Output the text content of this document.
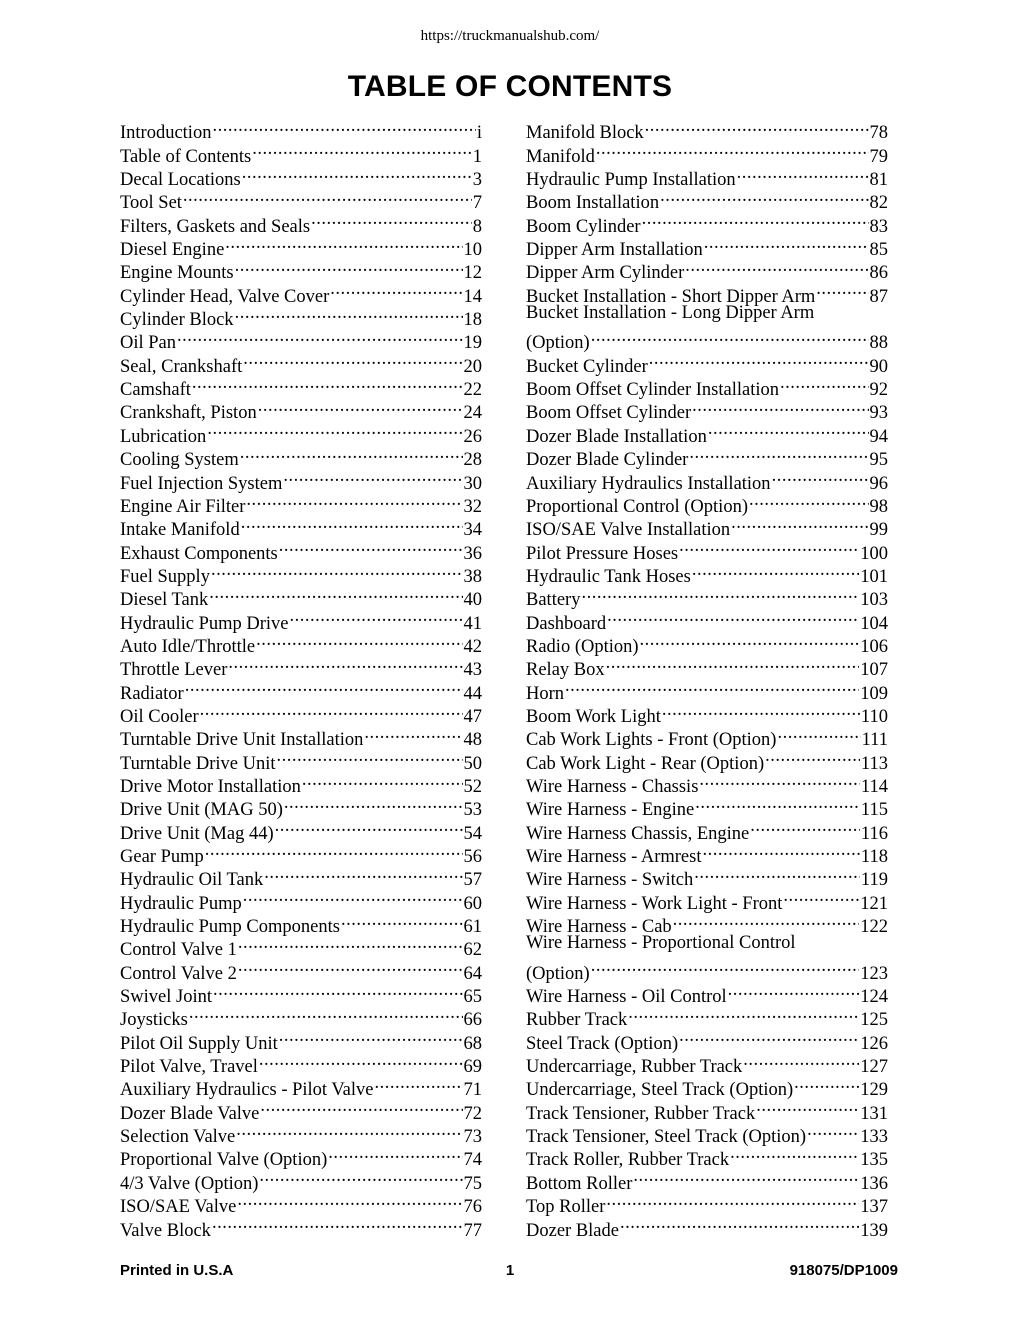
https://truckmanualshub.com/
TABLE OF CONTENTS
Introduction .....	i
Table of Contents .....	1
Decal Locations .....	3
Tool Set .....	7
Filters, Gaskets and Seals .....	8
Diesel Engine .....	10
Engine Mounts .....	12
Cylinder Head, Valve Cover .....	14
Cylinder Block .....	18
Oil Pan .....	19
Seal, Crankshaft .....	20
Camshaft .....	22
Crankshaft, Piston .....	24
Lubrication .....	26
Cooling System .....	28
Fuel Injection System .....	30
Engine Air Filter .....	32
Intake Manifold .....	34
Exhaust Components .....	36
Fuel Supply .....	38
Diesel Tank .....	40
Hydraulic Pump Drive .....	41
Auto Idle/Throttle .....	42
Throttle Lever .....	43
Radiator .....	44
Oil Cooler .....	47
Turntable Drive Unit Installation .....	48
Turntable Drive Unit .....	50
Drive Motor Installation .....	52
Drive Unit (MAG 50) .....	53
Drive Unit (Mag 44) .....	54
Gear Pump .....	56
Hydraulic Oil Tank .....	57
Hydraulic Pump .....	60
Hydraulic Pump Components .....	61
Control Valve 1 .....	62
Control Valve 2 .....	64
Swivel Joint .....	65
Joysticks .....	66
Pilot Oil Supply Unit .....	68
Pilot Valve, Travel .....	69
Auxiliary Hydraulics - Pilot Valve .....	71
Dozer Blade Valve .....	72
Selection Valve .....	73
Proportional Valve (Option) .....	74
4/3 Valve (Option) .....	75
ISO/SAE Valve .....	76
Valve Block .....	77
Manifold Block .....	78
Manifold .....	79
Hydraulic Pump Installation .....	81
Boom Installation .....	82
Boom Cylinder .....	83
Dipper Arm Installation .....	85
Dipper Arm Cylinder .....	86
Bucket Installation - Short Dipper Arm .....	87
Bucket Installation - Long Dipper Arm
(Option) .....	88
Bucket Cylinder .....	90
Boom Offset Cylinder Installation .....	92
Boom Offset Cylinder .....	93
Dozer Blade Installation .....	94
Dozer Blade Cylinder .....	95
Auxiliary Hydraulics Installation .....	96
Proportional Control (Option) .....	98
ISO/SAE Valve Installation .....	99
Pilot Pressure Hoses .....	100
Hydraulic Tank Hoses .....	101
Battery .....	103
Dashboard .....	104
Radio (Option) .....	106
Relay Box .....	107
Horn .....	109
Boom Work Light .....	110
Cab Work Lights - Front (Option) .....	111
Cab Work Light - Rear (Option) .....	113
Wire Harness - Chassis .....	114
Wire Harness - Engine .....	115
Wire Harness Chassis, Engine .....	116
Wire Harness - Armrest .....	118
Wire Harness - Switch .....	119
Wire Harness - Work Light - Front .....	121
Wire Harness - Cab .....	122
Wire Harness - Proportional Control
(Option) .....	123
Wire Harness - Oil Control .....	124
Rubber Track .....	125
Steel Track (Option) .....	126
Undercarriage, Rubber Track .....	127
Undercarriage, Steel Track (Option) .....	129
Track Tensioner, Rubber Track .....	131
Track Tensioner, Steel Track (Option) .....	133
Track Roller, Rubber Track .....	135
Bottom Roller .....	136
Top Roller .....	137
Dozer Blade .....	139
Printed in U.S.A	1	918075/DP1009
